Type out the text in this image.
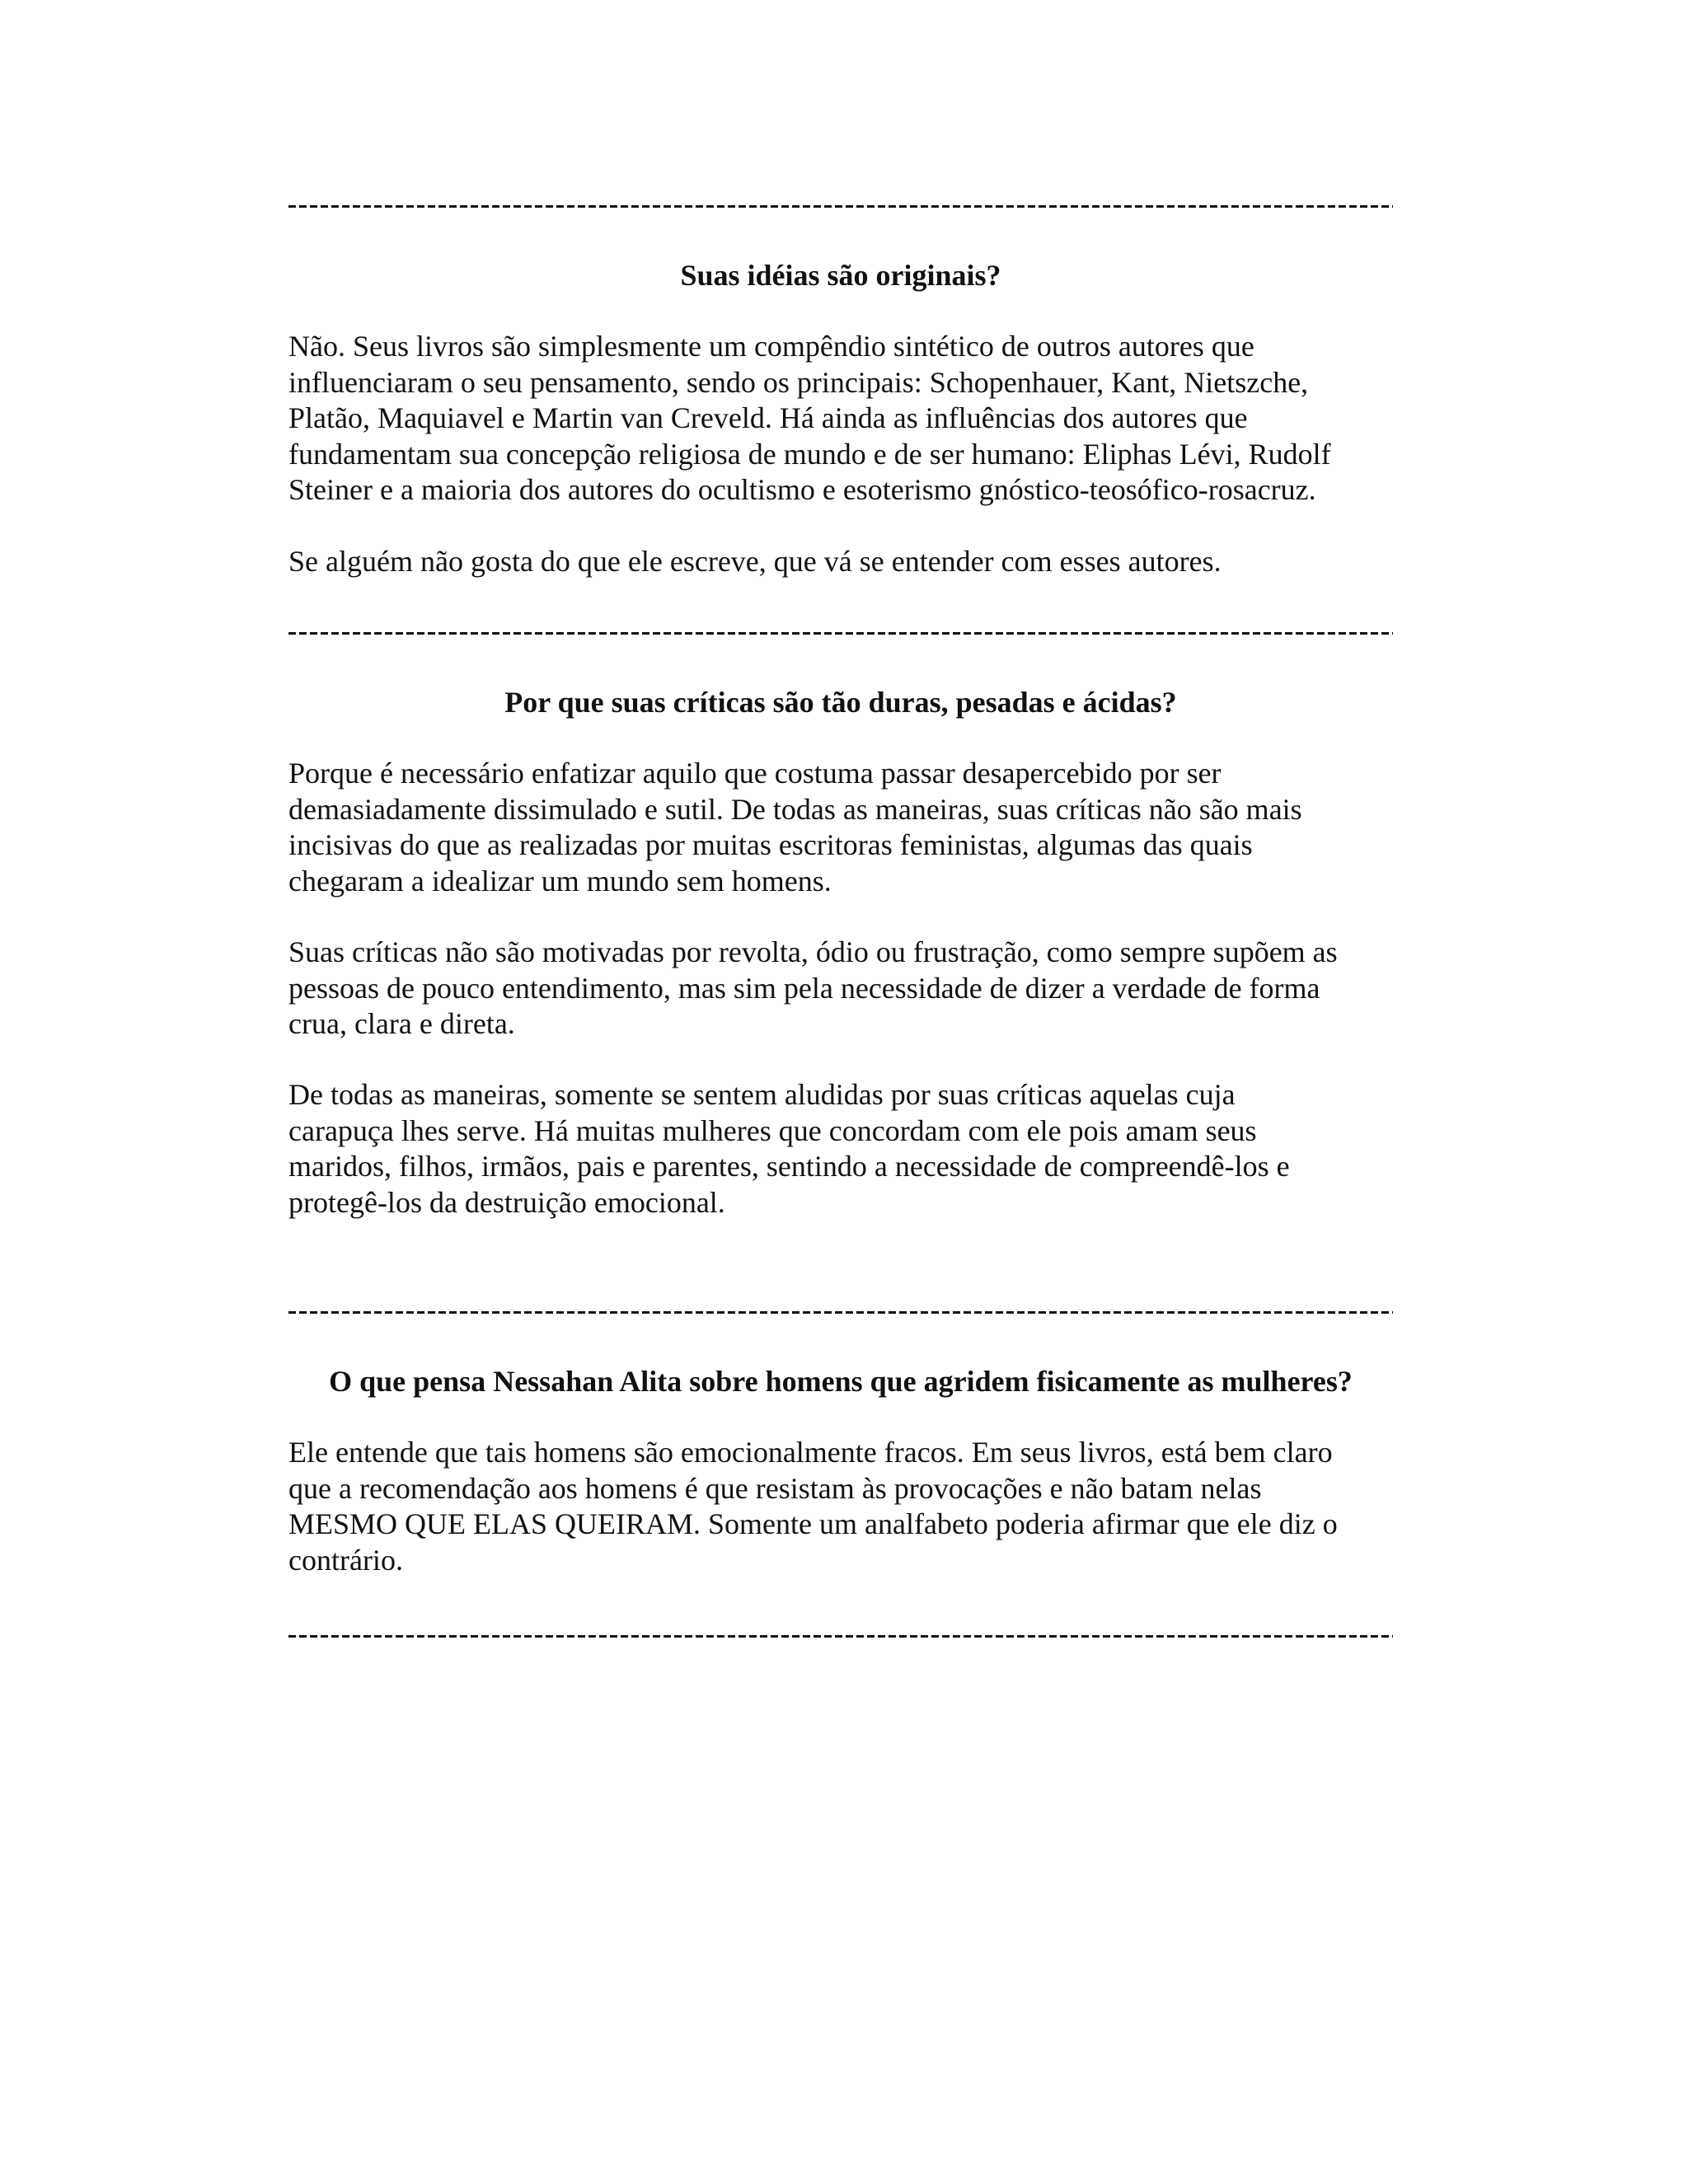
Suas idéias são originais?
Não. Seus livros são simplesmente um compêndio sintético de outros autores que
influenciaram o seu pensamento, sendo os principais: Schopenhauer, Kant, Nietszche,
Platão, Maquiavel e Martin van Creveld. Há ainda as influências dos autores que
fundamentam sua concepção religiosa de mundo e de ser humano: Eliphas Lévi, Rudolf
Steiner e a maioria dos autores do ocultismo e esoterismo gnóstico-teosófico-rosacruz.
Se alguém não gosta do que ele escreve, que vá se entender com esses autores.
Por que suas críticas são tão duras, pesadas e ácidas?
Porque é necessário enfatizar aquilo que costuma passar desapercebido por ser
demasiadamente dissimulado e sutil. De todas as maneiras, suas críticas não são mais
incisivas do que as realizadas por muitas escritoras feministas, algumas das quais
chegaram a idealizar um mundo sem homens.
Suas críticas não são motivadas por revolta, ódio ou frustração, como sempre supõem as
pessoas de pouco entendimento, mas sim pela necessidade de dizer a verdade de forma
crua, clara e direta.
De todas as maneiras, somente se sentem aludidas por suas críticas aquelas cuja
carapuça lhes serve. Há muitas mulheres que concordam com ele pois amam seus
maridos, filhos, irmãos, pais e parentes, sentindo a necessidade de compreendê-los e
protegê-los da destruição emocional.
O que pensa Nessahan Alita sobre homens que agridem fisicamente as mulheres?
Ele entende que tais homens são emocionalmente fracos. Em seus livros, está bem claro
que a recomendação aos homens é que resistam às provocações e não batam nelas
MESMO QUE ELAS QUEIRAM. Somente um analfabeto poderia afirmar que ele diz o
contrário.
